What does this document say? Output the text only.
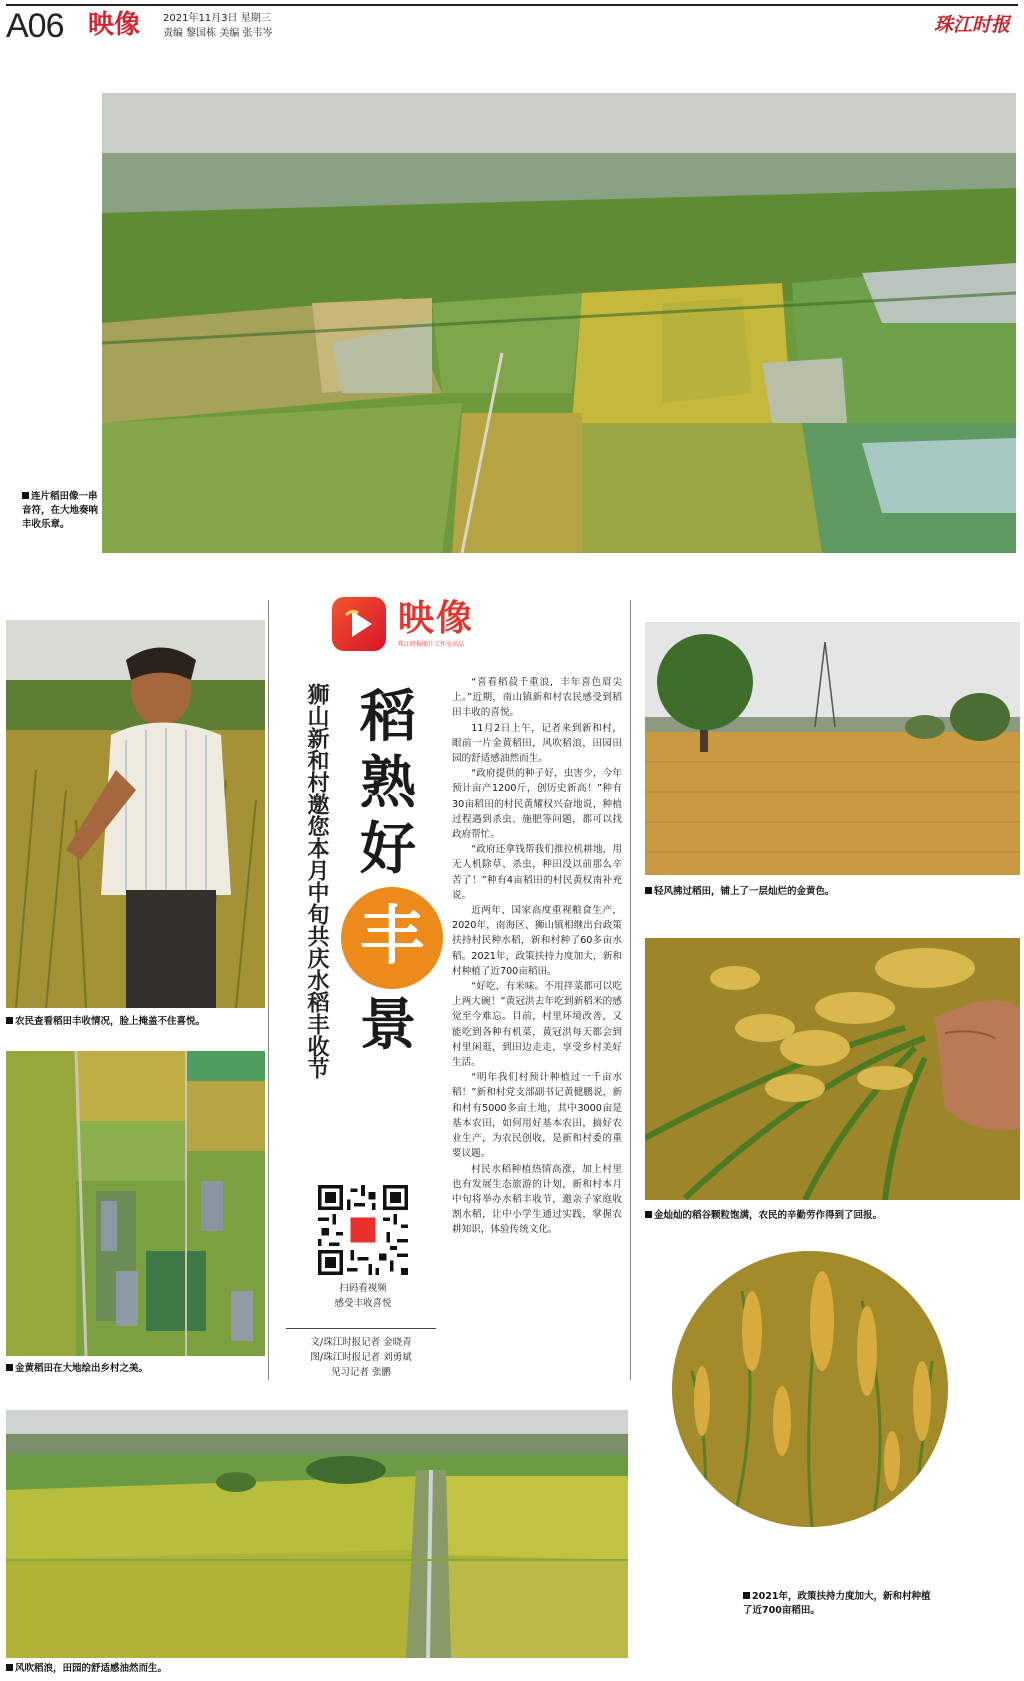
A06 映像 2021年11月3日 星期三
责编 黎国栋 美编 张韦岑	珠江时报
连片稻田像一串音符，在大地奏响丰收乐章。
农民查看稻田丰收情况，脸上掩盖不住喜悦。
金黄稻田在大地绘出乡村之美。
映像
珠江时报图片工作室出品
狮山新和村邀您本月中旬共庆水稻丰收节 稻
熟
好
丰
景
扫码看视频
感受丰收喜悦
文/珠江时报记者 金晓青
图/珠江时报记者 刘勇斌
见习记者 张鹏

“喜看稻菽千重浪，丰年喜色眉尖上。”近期，南山镇新和村农民感受到稻田丰收的喜悦。

11月2日上午，记者来到新和村，眼前一片金黄稻田，风吹稻浪，田园田园的舒适感油然而生。

“政府提供的种子好，虫害少，今年预计亩产1200斤，创历史新高！”种有30亩稻田的村民黄耀权兴奋地说，种植过程遇到杀虫、施肥等问题，都可以找政府帮忙。

“政府还拿钱帮我们推拉机耕地，用无人机除草、杀虫，种田没以前那么辛苦了！”种有4亩稻田的村民黄权南补充说。

近两年，国家高度重视粮食生产，2020年，南海区、狮山镇相继出台政策扶持村民种水稻，新和村种了60多亩水稻。2021年，政策扶持力度加大，新和村种植了近700亩稻田。

“好吃，有米味。不用拌菜都可以吃上两大碗！”黄冠洪去年吃到新稻米的感觉至今难忘。目前，村里环境改善，又能吃到各种有机菜，黄冠洪每天都会到村里闲逛，到田边走走，享受乡村美好生活。

“明年我们村预计种植过一千亩水稻！”新和村党支部副书记黄健鹏说，新和村有5000多亩土地，其中3000亩是基本农田，如何用好基本农田，搞好农业生产，为农民创收，是新和村委的重要议题。

村民水稻种植热情高涨，加上村里也有发展生态旅游的计划，新和村本月中旬将举办水稻丰收节，邀亲子家庭收割水稻，让中小学生通过实践，掌握农耕知识，体验传统文化。

风吹稻浪，田园的舒适感油然而生。
轻风拂过稻田，铺上了一层灿烂的金黄色。
金灿灿的稻谷颗粒饱满，农民的辛勤劳作得到了回报。
2021年，政策扶持力度加大，新和村种植了近700亩稻田。
